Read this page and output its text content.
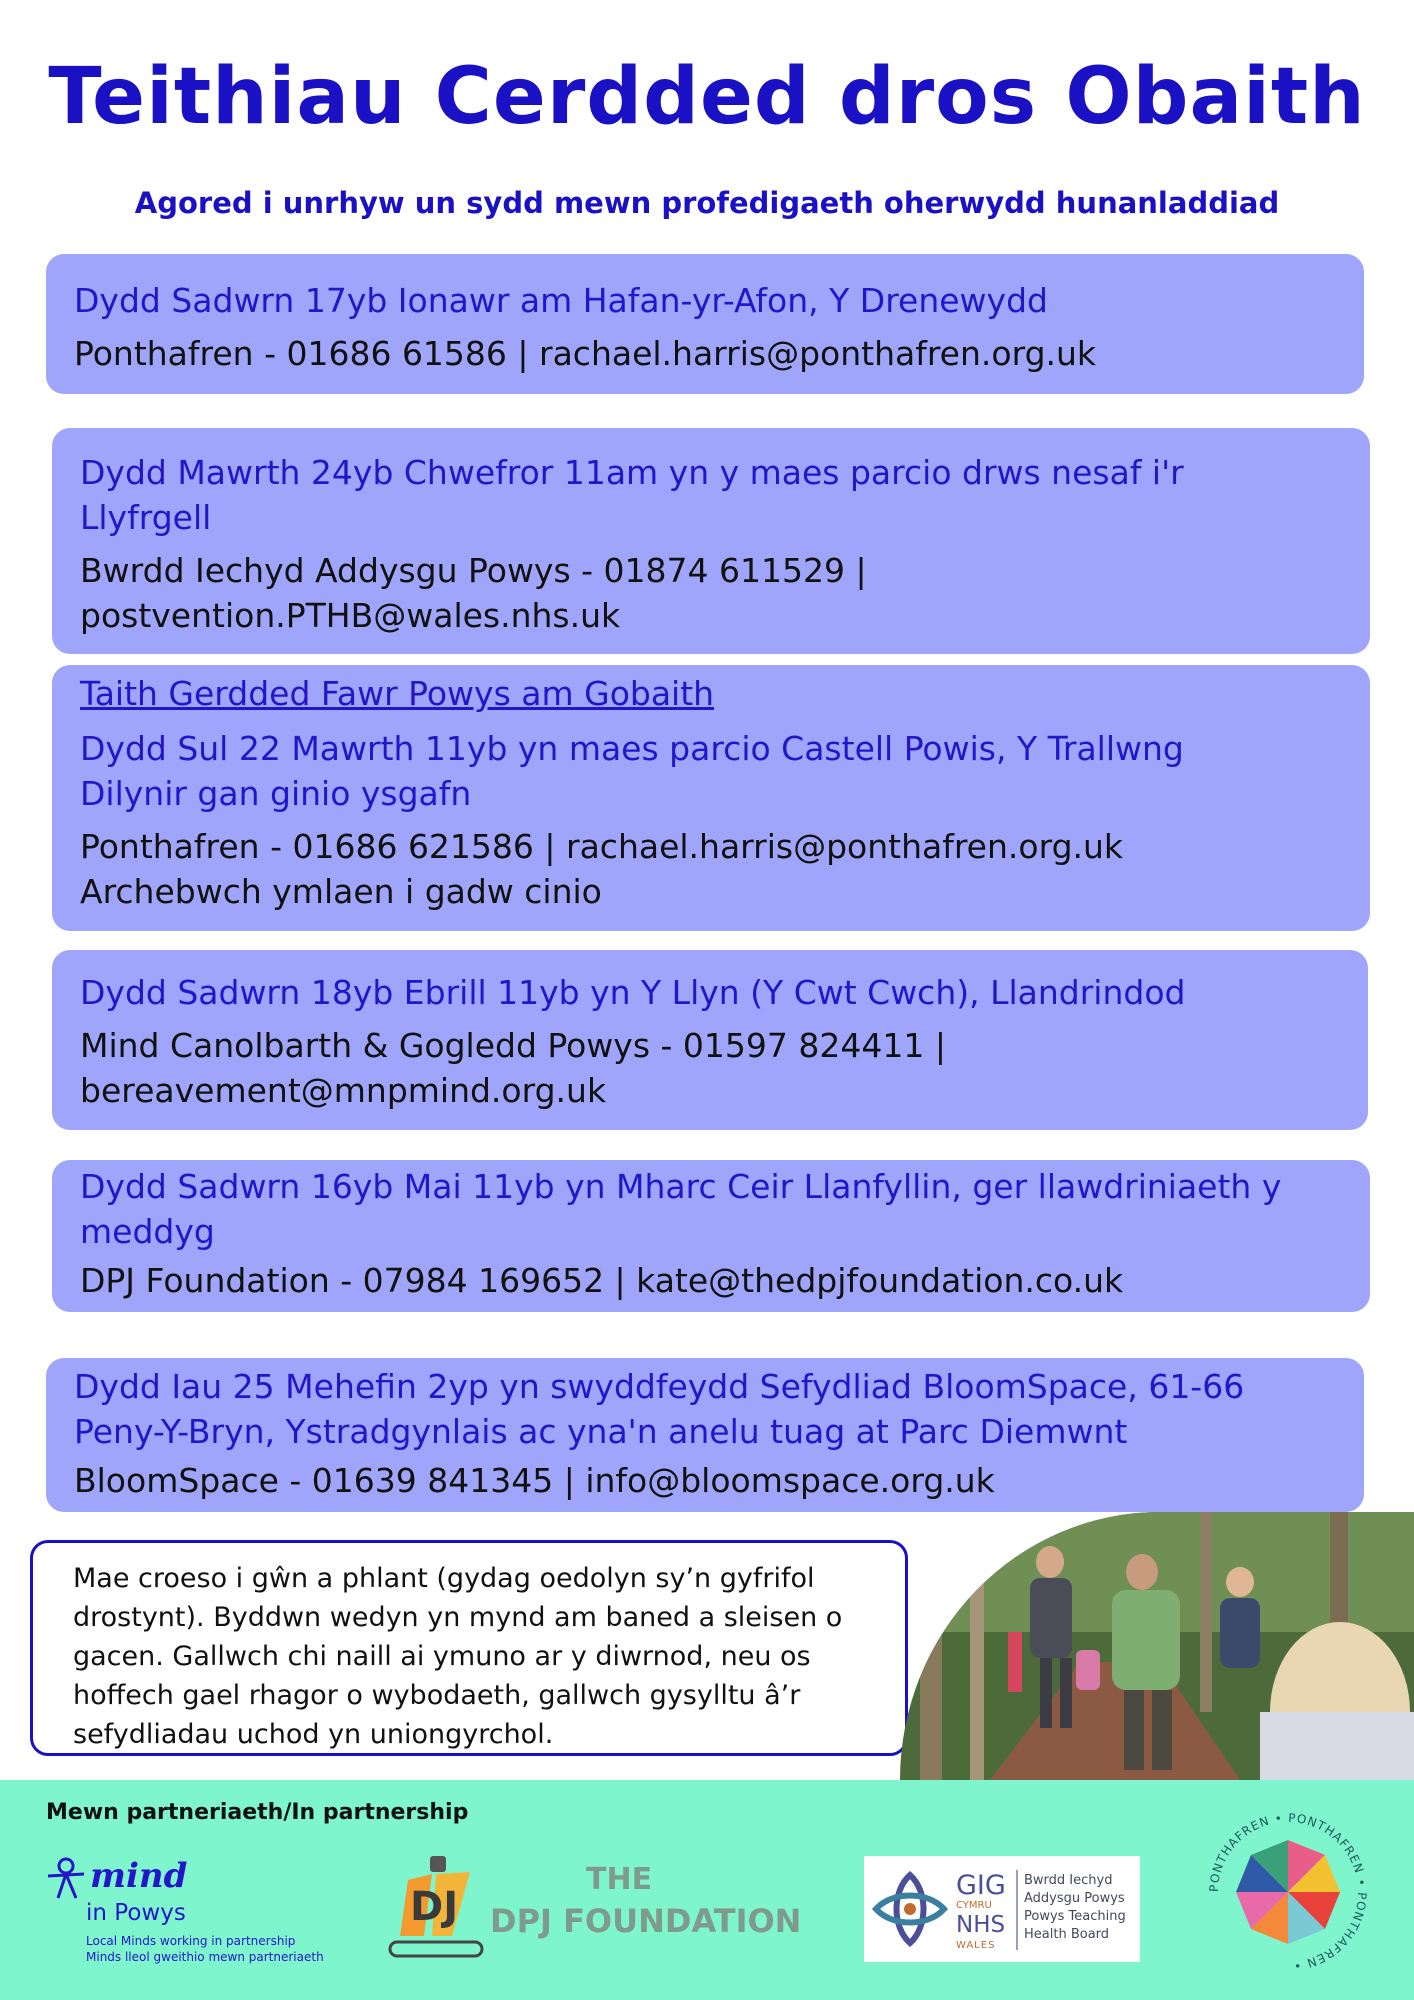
Teithiau Cerdded dros Obaith
Agored i unrhyw un sydd mewn profedigaeth oherwydd hunanladdiad
Dydd Sadwrn 17yb Ionawr am Hafan-yr-Afon, Y Drenewydd
Ponthafren - 01686 61586 | rachael.harris@ponthafren.org.uk
Dydd Mawrth 24yb Chwefror 11am yn y maes parcio drws nesaf i'r
Llyfrgell
Bwrdd Iechyd Addysgu Powys - 01874 611529 |
postvention.PTHB@wales.nhs.uk
Taith Gerdded Fawr Powys am Gobaith
Dydd Sul 22 Mawrth 11yb yn maes parcio Castell Powis, Y Trallwng
Dilynir gan ginio ysgafn
Ponthafren - 01686 621586 | rachael.harris@ponthafren.org.uk
Archebwch ymlaen i gadw cinio
Dydd Sadwrn 18yb Ebrill 11yb yn Y Llyn (Y Cwt Cwch), Llandrindod
Mind Canolbarth & Gogledd Powys - 01597 824411 |
bereavement@mnpmind.org.uk
Dydd Sadwrn 16yb Mai 11yb yn Mharc Ceir Llanfyllin, ger llawdriniaeth y
meddyg
DPJ Foundation - 07984 169652 | kate@thedpjfoundation.co.uk
Dydd Iau 25 Mehefin 2yp yn swyddfeydd Sefydliad BloomSpace, 61-66
Peny-Y-Bryn, Ystradgynlais ac yna'n anelu tuag at Parc Diemwnt
BloomSpace - 01639 841345 | info@bloomspace.org.uk
Mae croeso i gŵn a phlant (gydag oedolyn sy’n gyfrifol
drostynt). Byddwn wedyn yn mynd am baned a sleisen o
gacen. Gallwch chi naill ai ymuno ar y diwrnod, neu os
hoffech gael rhagor o wybodaeth, gallwch gysylltu â’r
sefydliadau uchod yn uniongyrchol.
Mewn partneriaeth/In partnership
mind
in Powys
Local Minds working in partnership
Minds lleol gweithio mewn partneriaeth
DJ
THE
DPJ FOUNDATION
GIG
CYMRU
NHS
WALES
Bwrdd Iechyd
Addysgu Powys
Powys Teaching
Health Board
PONTHAFREN • PONTHAFREN • PONTHAFREN •
